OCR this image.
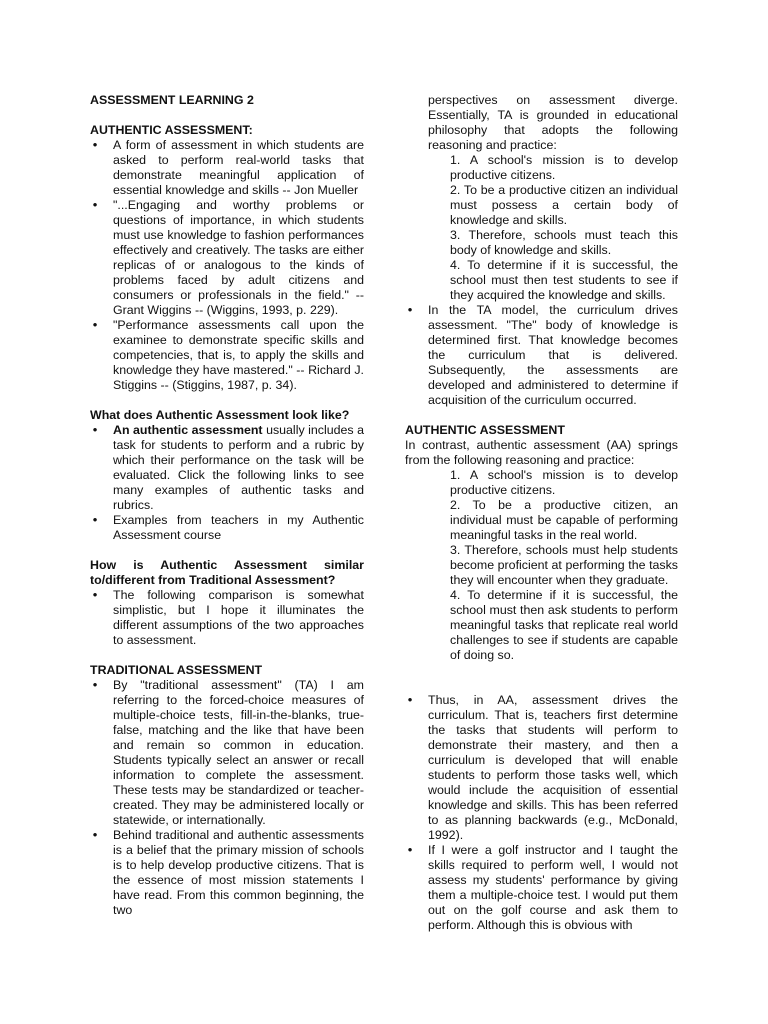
ASSESSMENT LEARNING 2

AUTHENTIC ASSESSMENT:

• A form of assessment in which students are asked to perform real-world tasks that demonstrate meaningful application of essential knowledge and skills -- Jon Mueller
• "...Engaging and worthy problems or questions of importance, in which students must use knowledge to fashion performances effectively and creatively. The tasks are either replicas of or analogous to the kinds of problems faced by adult citizens and consumers or professionals in the field." -- Grant Wiggins -- (Wiggins, 1993, p. 229).
• "Performance assessments call upon the examinee to demonstrate specific skills and competencies, that is, to apply the skills and knowledge they have mastered." -- Richard J. Stiggins -- (Stiggins, 1987, p. 34).

What does Authentic Assessment look like?

• An authentic assessment usually includes a task for students to perform and a rubric by which their performance on the task will be evaluated. Click the following links to see many examples of authentic tasks and rubrics.
• Examples from teachers in my Authentic Assessment course

How is Authentic Assessment similar to/different from Traditional Assessment?

• The following comparison is somewhat simplistic, but I hope it illuminates the different assumptions of the two approaches to assessment.

TRADITIONAL ASSESSMENT

• By "traditional assessment" (TA) I am referring to the forced-choice measures of multiple-choice tests, fill-in-the-blanks, true-false, matching and the like that have been and remain so common in education. Students typically select an answer or recall information to complete the assessment. These tests may be standardized or teacher-created. They may be administered locally or statewide, or internationally.
• Behind traditional and authentic assessments is a belief that the primary mission of schools is to help develop productive citizens. That is the essence of most mission statements I have read. From this common beginning, the two

perspectives on assessment diverge. Essentially, TA is grounded in educational philosophy that adopts the following reasoning and practice:

1. A school's mission is to develop productive citizens.

2. To be a productive citizen an individual must possess a certain body of knowledge and skills.

3. Therefore, schools must teach this body of knowledge and skills.

4. To determine if it is successful, the school must then test students to see if they acquired the knowledge and skills.

• In the TA model, the curriculum drives assessment. "The" body of knowledge is determined first. That knowledge becomes the curriculum that is delivered. Subsequently, the assessments are developed and administered to determine if acquisition of the curriculum occurred.

AUTHENTIC ASSESSMENT

In contrast, authentic assessment (AA) springs from the following reasoning and practice:

1. A school's mission is to develop productive citizens.

2. To be a productive citizen, an individual must be capable of performing meaningful tasks in the real world.

3. Therefore, schools must help students become proficient at performing the tasks they will encounter when they graduate.

4. To determine if it is successful, the school must then ask students to perform meaningful tasks that replicate real world challenges to see if students are capable of doing so.

• Thus, in AA, assessment drives the curriculum. That is, teachers first determine the tasks that students will perform to demonstrate their mastery, and then a curriculum is developed that will enable students to perform those tasks well, which would include the acquisition of essential knowledge and skills. This has been referred to as planning backwards (e.g., McDonald, 1992).
• If I were a golf instructor and I taught the skills required to perform well, I would not assess my students' performance by giving them a multiple-choice test. I would put them out on the golf course and ask them to perform. Although this is obvious with
